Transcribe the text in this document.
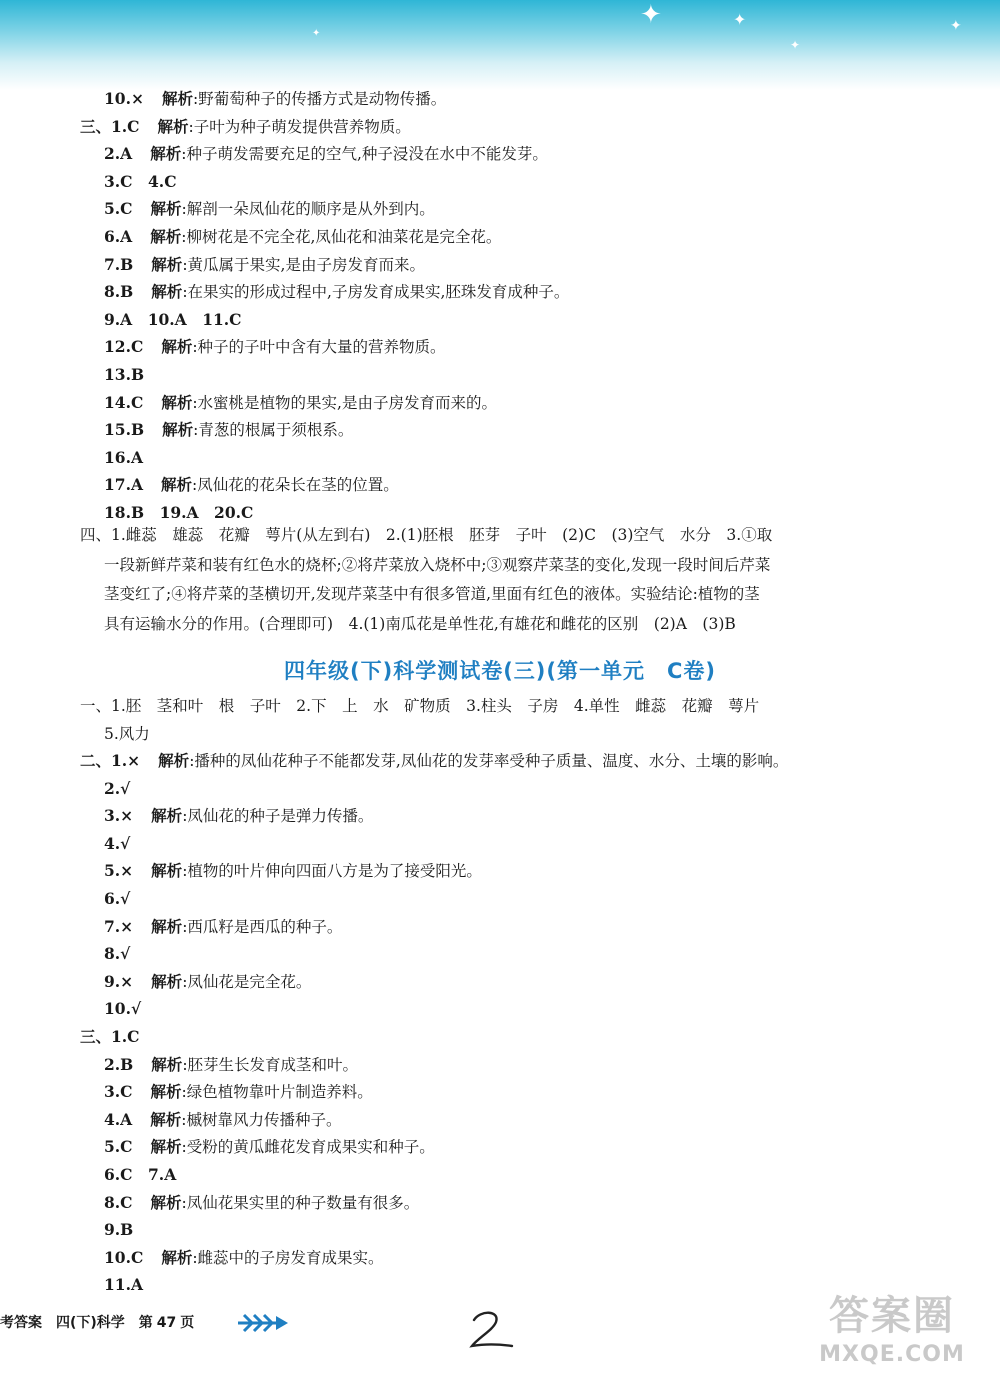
✦	✦
✦
✦
✦
10.× 解析:野葡萄种子的传播方式是动物传播。
三、1.C 解析:子叶为种子萌发提供营养物质。
2.A 解析:种子萌发需要充足的空气,种子浸没在水中不能发芽。
3.C　4.C
5.C 解析:解剖一朵凤仙花的顺序是从外到内。
6.A 解析:柳树花是不完全花,凤仙花和油菜花是完全花。
7.B 解析:黄瓜属于果实,是由子房发育而来。
8.B 解析:在果实的形成过程中,子房发育成果实,胚珠发育成种子。
9.A　10.A　11.C
12.C 解析:种子的子叶中含有大量的营养物质。
13.B
14.C 解析:水蜜桃是植物的果实,是由子房发育而来的。
15.B 解析:青葱的根属于须根系。
16.A
17.A 解析:凤仙花的花朵长在茎的位置。
18.B　19.A　20.C
四、1.雌蕊　雄蕊　花瓣　萼片(从左到右)　2.(1)胚根　胚芽　子叶　(2)C　(3)空气　水分　3.①取
一段新鲜芹菜和装有红色水的烧杯;②将芹菜放入烧杯中;③观察芹菜茎的变化,发现一段时间后芹菜
茎变红了;④将芹菜的茎横切开,发现芹菜茎中有很多管道,里面有红色的液体。实验结论:植物的茎
具有运输水分的作用。(合理即可)　4.(1)南瓜花是单性花,有雄花和雌花的区别　(2)A　(3)B
四年级(下)科学测试卷(三)(第一单元　C卷)
一、1.胚　茎和叶　根　子叶　2.下　上　水　矿物质　3.柱头　子房　4.单性　雌蕊　花瓣　萼片
5.风力
二、1.× 解析:播种的凤仙花种子不能都发芽,凤仙花的发芽率受种子质量、温度、水分、土壤的影响。
2.√
3.× 解析:凤仙花的种子是弹力传播。
4.√
5.× 解析:植物的叶片伸向四面八方是为了接受阳光。
6.√
7.× 解析:西瓜籽是西瓜的种子。
8.√
9.× 解析:凤仙花是完全花。
10.√
三、1.C
2.B 解析:胚芽生长发育成茎和叶。
3.C 解析:绿色植物靠叶片制造养料。
4.A 解析:槭树靠风力传播种子。
5.C 解析:受粉的黄瓜雌花发育成果实和种子。
6.C　7.A
8.C 解析:凤仙花果实里的种子数量有很多。
9.B
10.C 解析:雌蕊中的子房发育成果实。
11.A
考答案 四(下)科学 第 47 页	答案圈
MXQE.COM
